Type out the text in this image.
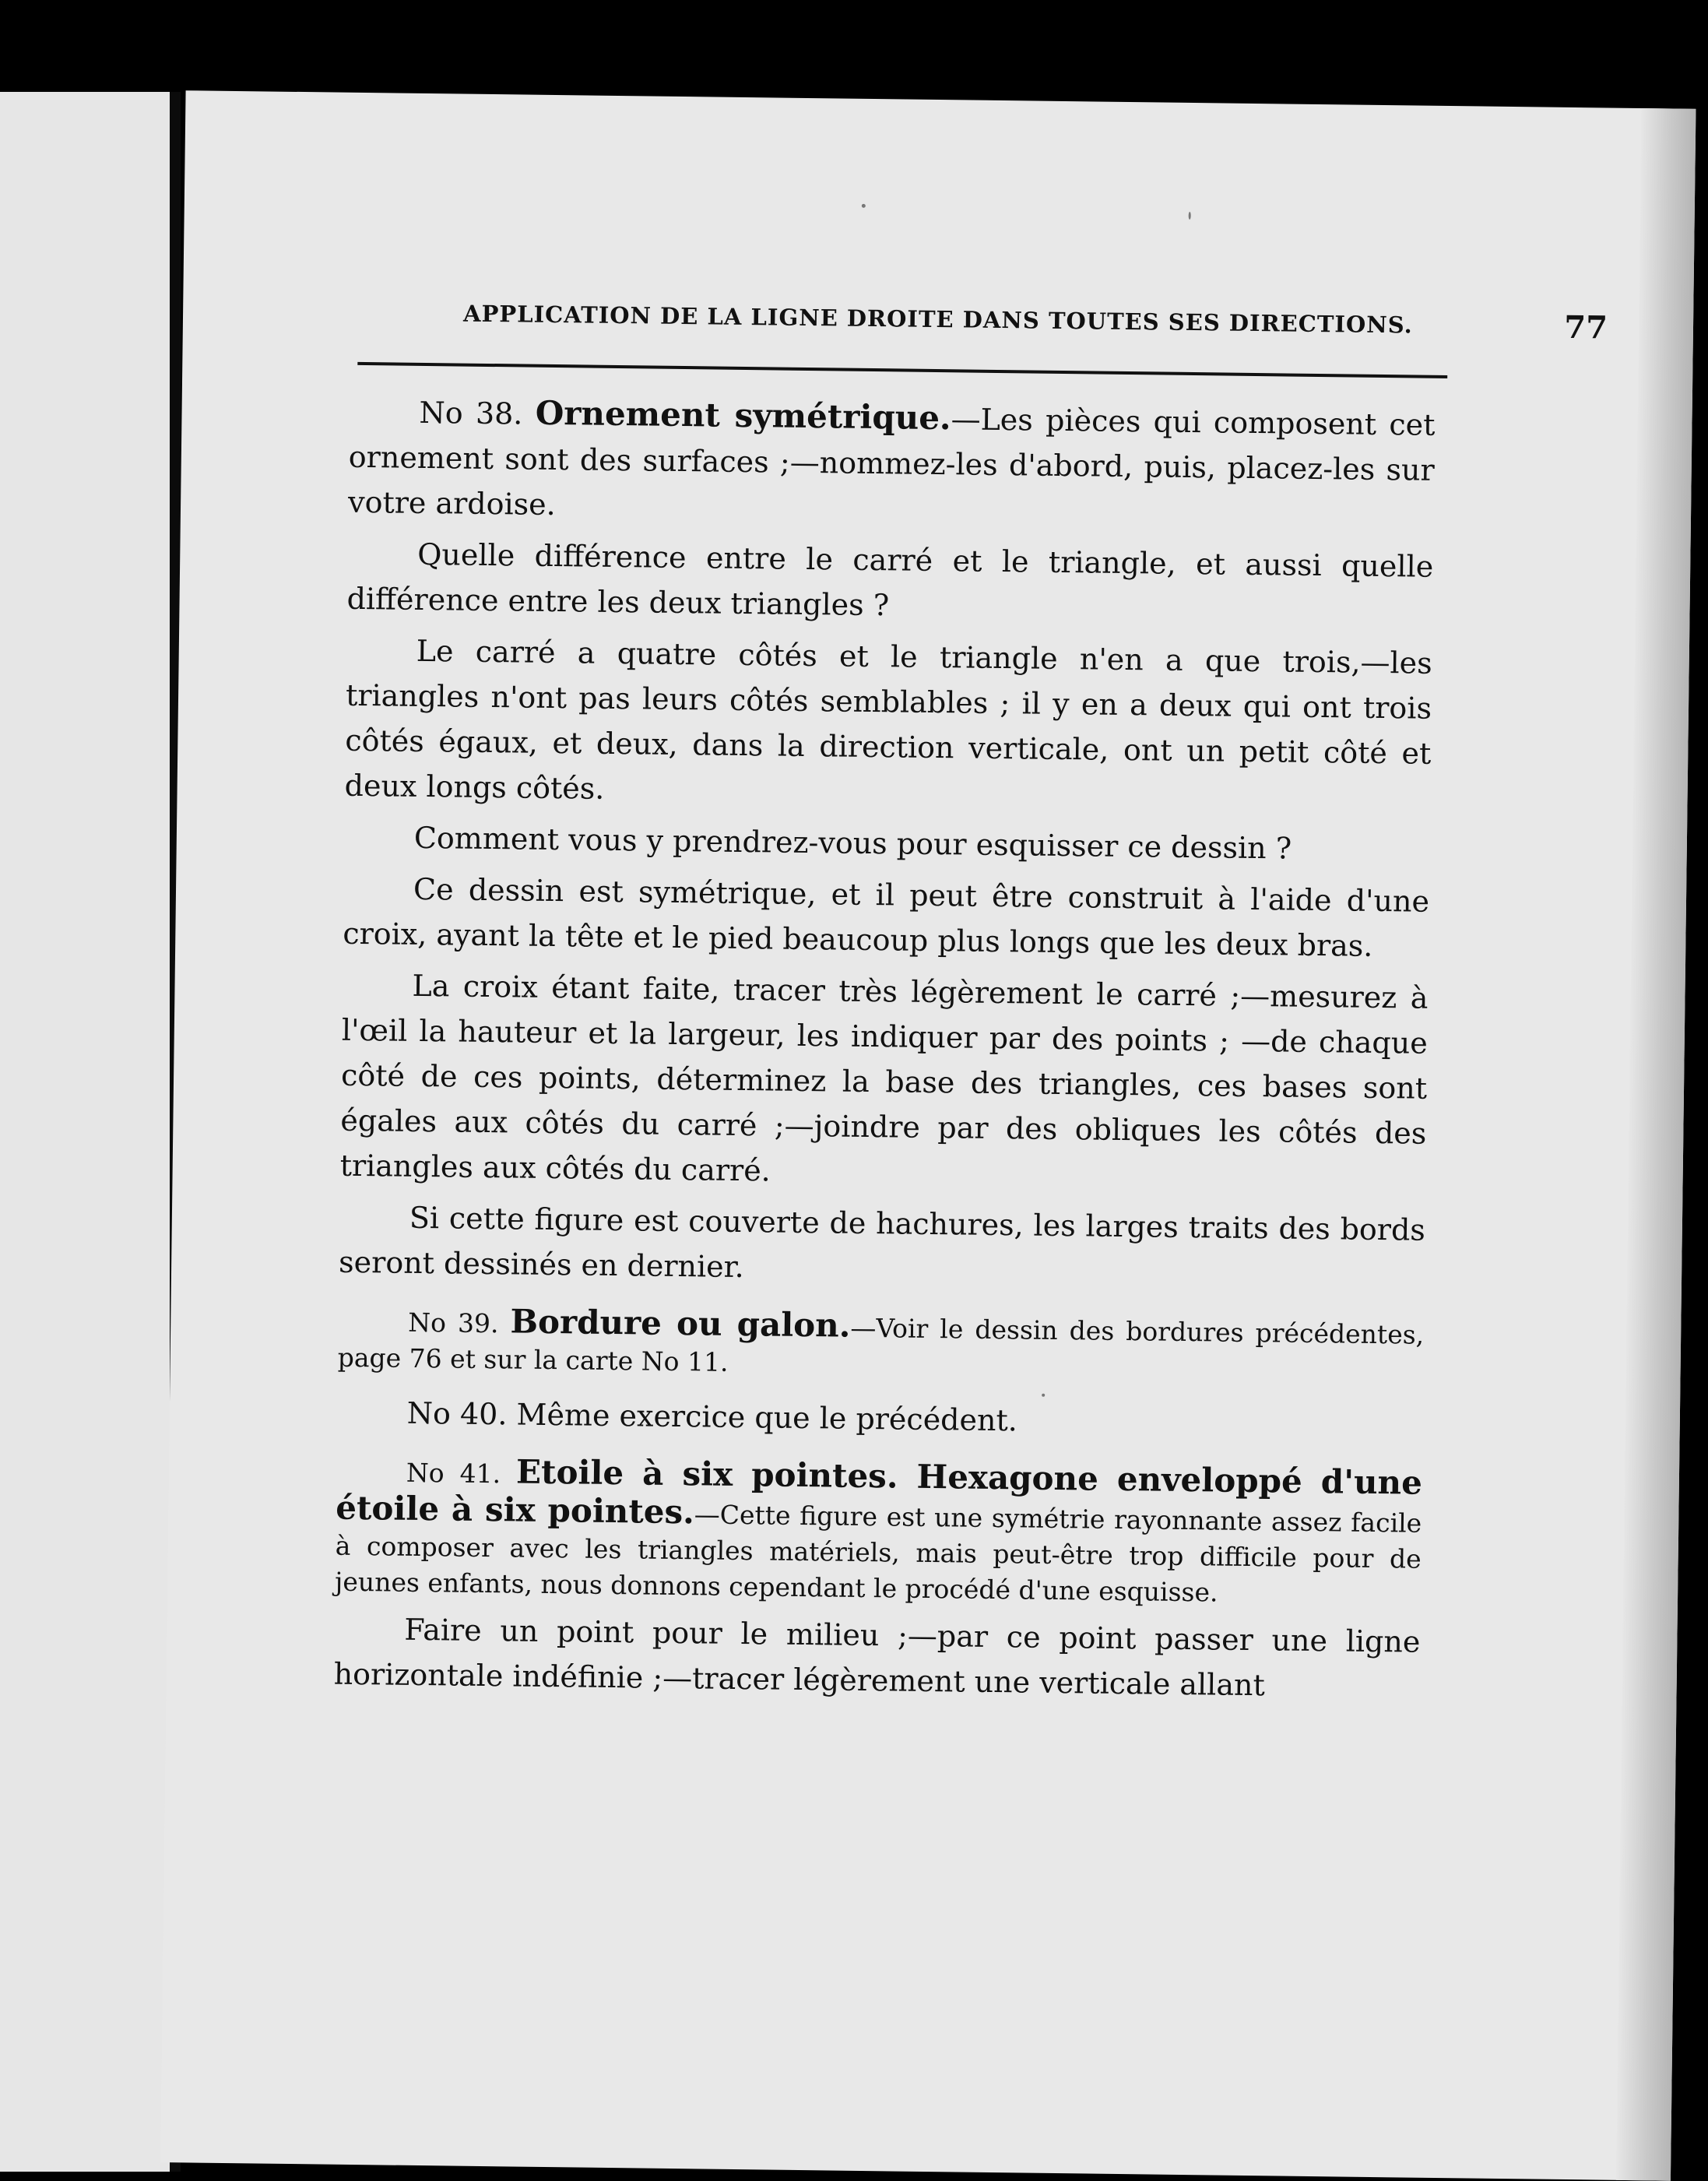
APPLICATION DE LA LIGNE DROITE DANS TOUTES SES DIRECTIONS.	77

No 38. Ornement symétrique.—Les pièces qui composent cet ornement sont des surfaces ;—nommez-les d'abord, puis, placez-les sur votre ardoise.

Quelle différence entre le carré et le triangle, et aussi quelle différence entre les deux triangles ?

Le carré a quatre côtés et le triangle n'en a que trois,—les triangles n'ont pas leurs côtés semblables ; il y en a deux qui ont trois côtés égaux, et deux, dans la direction verticale, ont un petit côté et deux longs côtés.

Comment vous y prendrez-vous pour esquisser ce dessin ?

Ce dessin est symétrique, et il peut être construit à l'aide d'une croix, ayant la tête et le pied beaucoup plus longs que les deux bras.

La croix étant faite, tracer très légèrement le carré ;—mesurez à l'œil la hauteur et la largeur, les indiquer par des points ; —de chaque côté de ces points, déterminez la base des triangles, ces bases sont égales aux côtés du carré ;—joindre par des obliques les côtés des triangles aux côtés du carré.

Si cette figure est couverte de hachures, les larges traits des bords seront dessinés en dernier.

No 39. Bordure ou galon.—Voir le dessin des bordures précédentes, page 76 et sur la carte No 11.

No 40. Même exercice que le précédent.

No 41. Etoile à six pointes. Hexagone enveloppé d'une étoile à six pointes.—Cette figure est une symétrie rayonnante assez facile à composer avec les triangles matériels, mais peut-être trop difficile pour de jeunes enfants, nous donnons cependant le procédé d'une esquisse.

Faire un point pour le milieu ;—par ce point passer une ligne horizontale indéfinie ;—tracer légèrement une verticale allant
